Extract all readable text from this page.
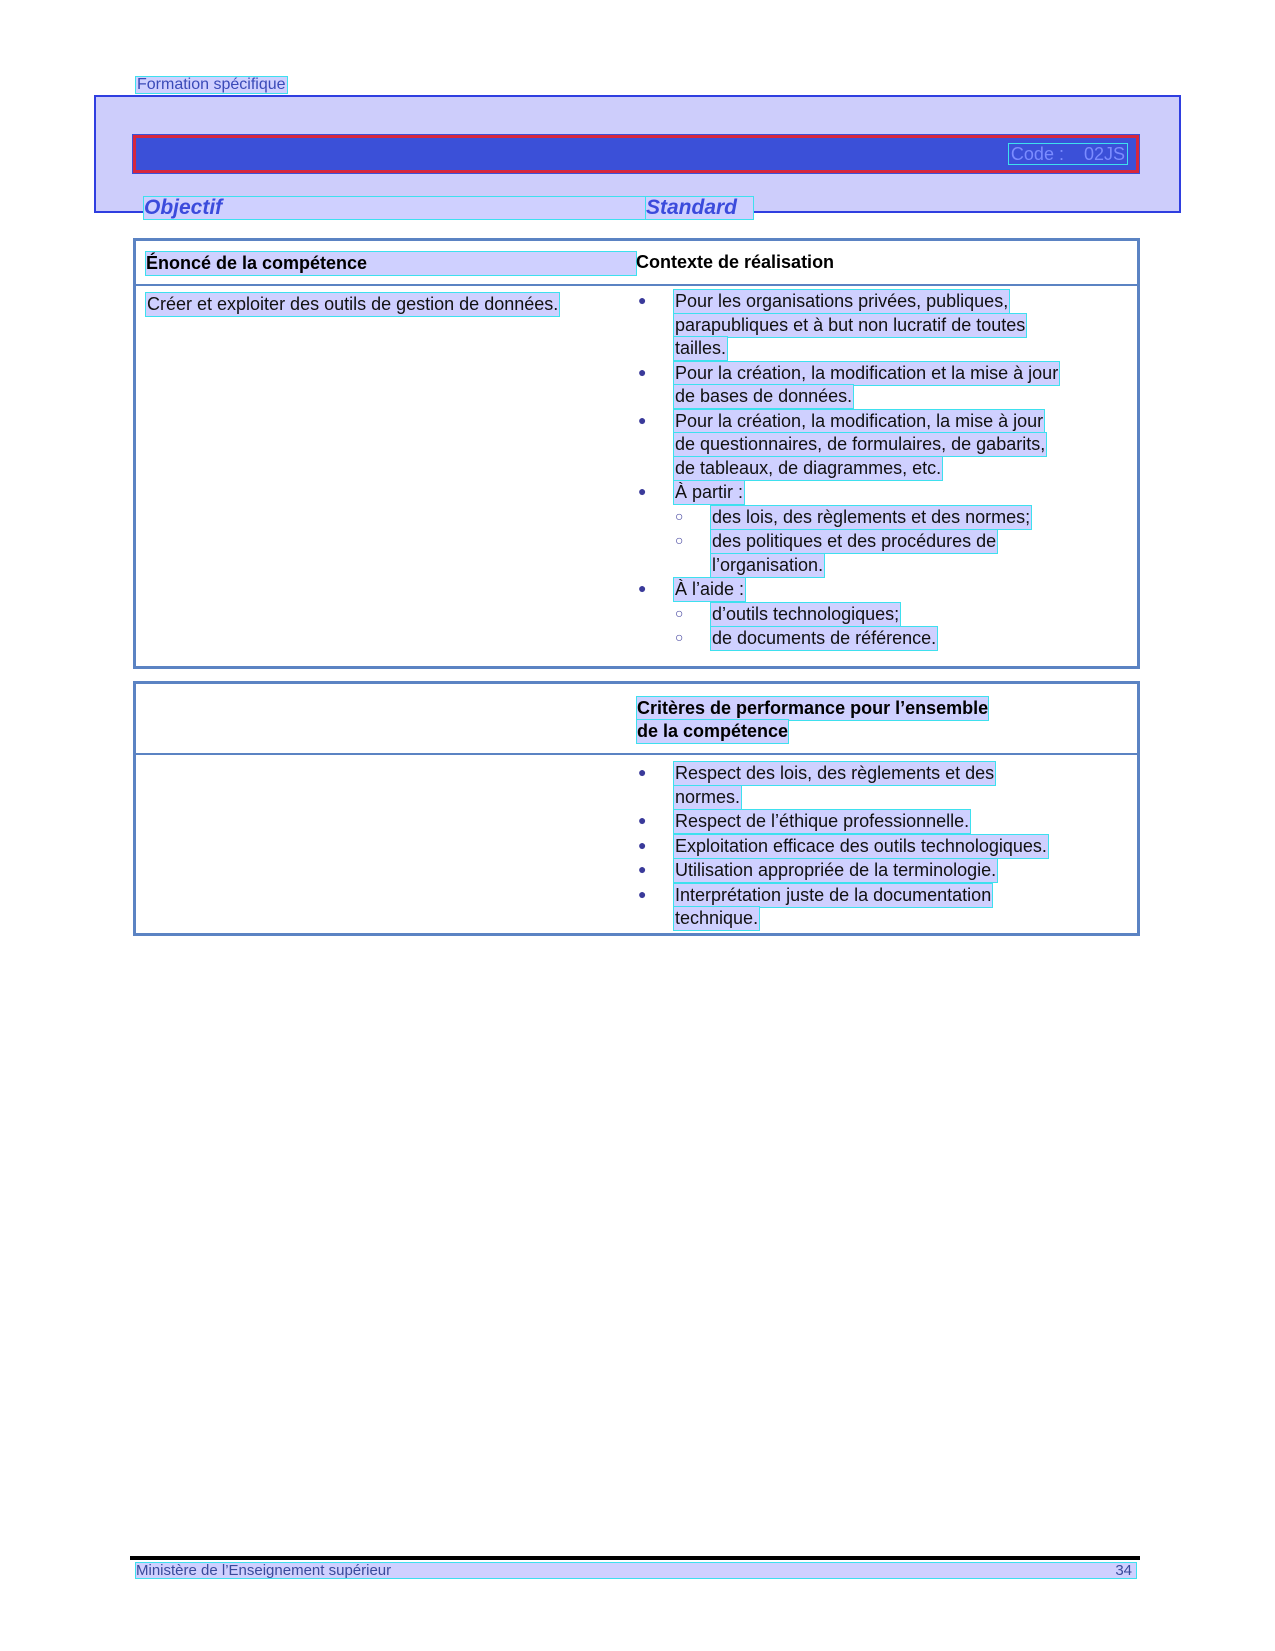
Formation spécifique
Code : 02JS
Objectif	Standard
Énoncé de la compétence	Contexte de réalisation
Créer et exploiter des outils de gestion de données.	● Pour les organisations privées, publiques,
parapubliques et à but non lucratif de toutes
tailles.
● Pour la création, la modification et la mise à jour
de bases de données.
● Pour la création, la modification, la mise à jour
de questionnaires, de formulaires, de gabarits,
de tableaux, de diagrammes, etc.
● À partir :
○ des lois, des règlements et des normes;
○ des politiques et des procédures de
l’organisation.
● À l’aide :
○ d’outils technologiques;
○ de documents de référence.
Critères de performance pour l’ensemble
de la compétence
● Respect des lois, des règlements et des
normes.
● Respect de l’éthique professionnelle.
● Exploitation efficace des outils technologiques.
● Utilisation appropriée de la terminologie.
● Interprétation juste de la documentation
technique.
Ministère de l’Enseignement supérieur	34
